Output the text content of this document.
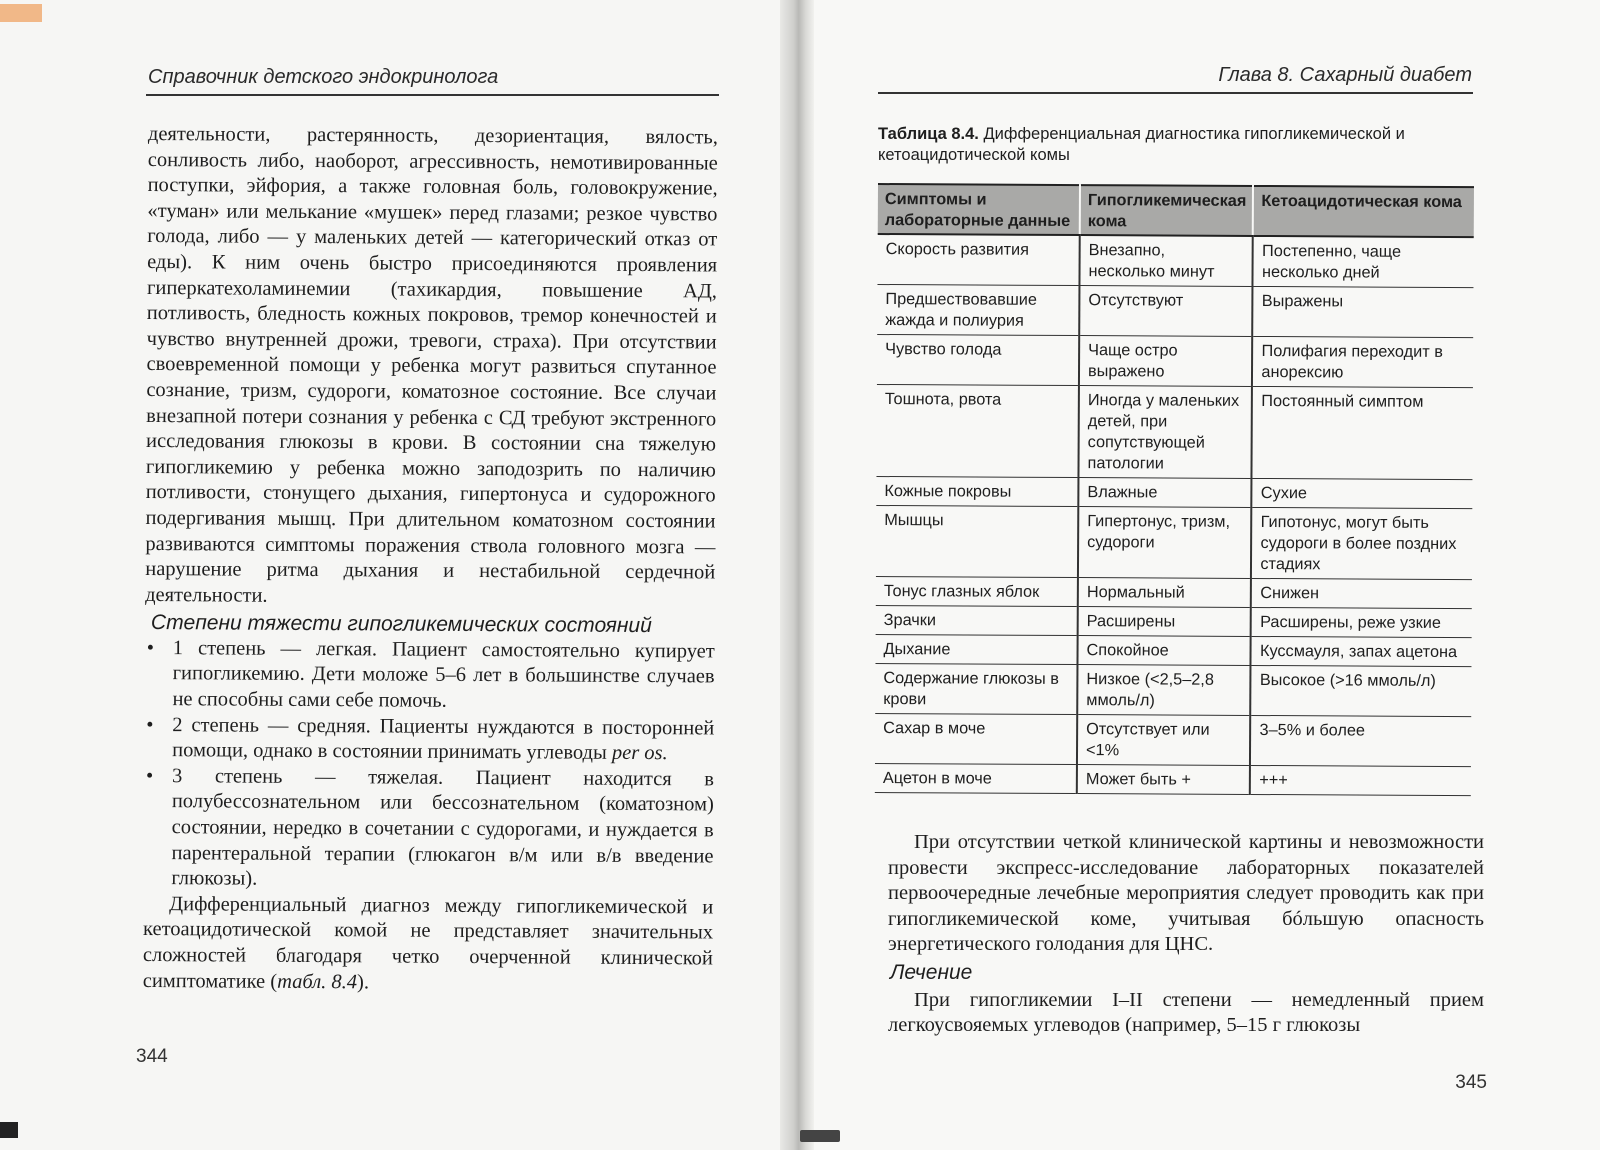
Справочник детского эндокринолога

деятельности, растерянность, дезориентация, вялость, сонливость либо, наоборот, агрессивность, немотивированные поступки, эйфория, а также головная боль, головокружение, «туман» или мелькание «мушек» перед глазами; резкое чувство голода, либо — у маленьких детей — категорический отказ от еды). К ним очень быстро присоединяются проявления гиперкатехоламинемии (тахикардия, повышение АД, потливость, бледность кожных покровов, тремор конечностей и чувство внутренней дрожи, тревоги, страха). При отсутствии своевременной помощи у ребенка могут развиться спутанное сознание, тризм, судороги, коматозное состояние. Все случаи внезапной потери сознания у ребенка с СД требуют экстренного исследования глюкозы в крови. В состоянии сна тяжелую гипогликемию у ребенка можно заподозрить по наличию потливости, стонущего дыхания, гипертонуса и судорожного подергивания мышц. При длительном коматозном состоянии развиваются симптомы поражения ствола головного мозга — нарушение ритма дыхания и нестабильной сердечной деятельности.

Степени тяжести гипогликемических состояний
• 1 степень — легкая. Пациент самостоятельно купирует гипогликемию. Дети моложе 5–6 лет в большинстве случаев не способны сами себе помочь.
• 2 степень — средняя. Пациенты нуждаются в посторонней помощи, однако в состоянии принимать углеводы per os.
• 3 степень — тяжелая. Пациент находится в полубессознательном или бессознательном (коматозном) состоянии, нередко в сочетании с судорогами, и нуждается в парентеральной терапии (глюкагон в/м или в/в введение глюкозы).

Дифференциальный диагноз между гипогликемической и кетоацидотической комой не представляет значительных сложностей благодаря четко очерченной клинической симптоматике (табл. 8.4).

344
Глава 8. Сахарный диабет
345
Таблица 8.4. Дифференциальная диагностика гипогликемической и кетоацидотической комы
Симптомы и лабораторные данные	Гипогликемическая кома	Кетоацидотическая кома
Скорость развития	Внезапно, несколько минут	Постепенно, чаще несколько дней
Предшествовавшие жажда и полиурия	Отсутствуют	Выражены
Чувство голода	Чаще остро выражено	Полифагия переходит в анорексию
Тошнота, рвота	Иногда у маленьких детей, при сопутствующей патологии	Постоянный симптом
Кожные покровы	Влажные	Сухие
Мышцы	Гипертонус, тризм, судороги	Гипотонус, могут быть судороги в более поздних стадиях
Тонус глазных яблок	Нормальный	Снижен
Зрачки	Расширены	Расширены, реже узкие
Дыхание	Спокойное	Куссмауля, запах ацетона
Содержание глюкозы в крови	Низкое (<2,5–2,8 ммоль/л)	Высокое (>16 ммоль/л)
Сахар в моче	Отсутствует или <1%	3–5% и более
Ацетон в моче	Может быть +	+++

При отсутствии четкой клинической картины и невозможности провести экспресс-исследование лабораторных показателей первоочередные лечебные мероприятия следует проводить как при гипогликемической коме, учитывая бóльшую опасность энергетического голодания для ЦНС.

Лечение

При гипогликемии I–II степени — немедленный прием легкоусвояемых углеводов (например, 5–15 г глюкозы
